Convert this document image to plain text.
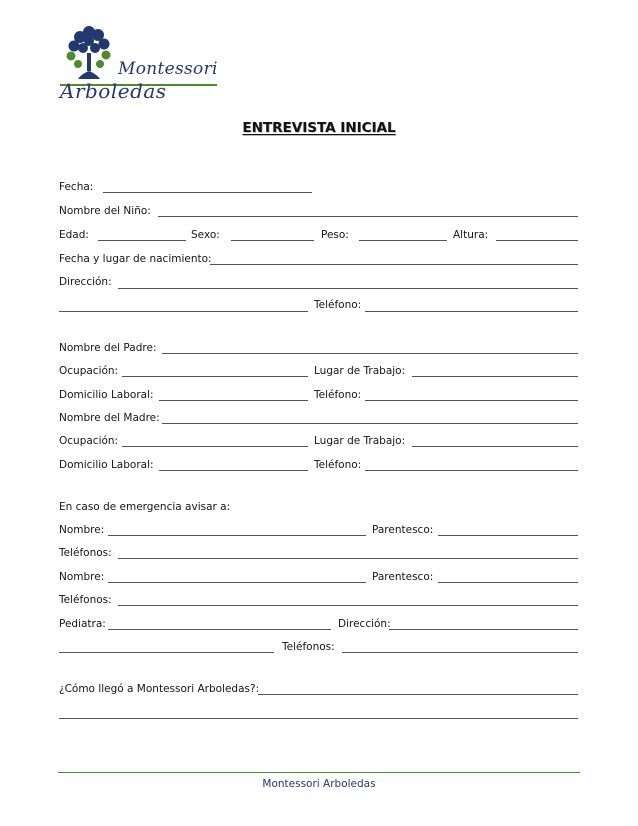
Montessori
Arboledas
ENTREVISTA INICIAL
Fecha:
Nombre del Niño:
Edad:	Sexo:	Peso:	Altura:
Fecha y lugar de nacimiento:
Dirección:
Teléfono:
Nombre del Padre:
Ocupación:	Lugar de Trabajo:
Domicilio Laboral:	Teléfono:
Nombre del Madre:
Ocupación:	Lugar de Trabajo:
Domicilio Laboral:	Teléfono:
En caso de emergencia avisar a:
Nombre:	Parentesco:
Teléfonos:
Nombre:	Parentesco:
Teléfonos:
Pediatra:	Dirección:
Teléfonos:
¿Cómo llegó a Montessori Arboledas?:
Montessori Arboledas
